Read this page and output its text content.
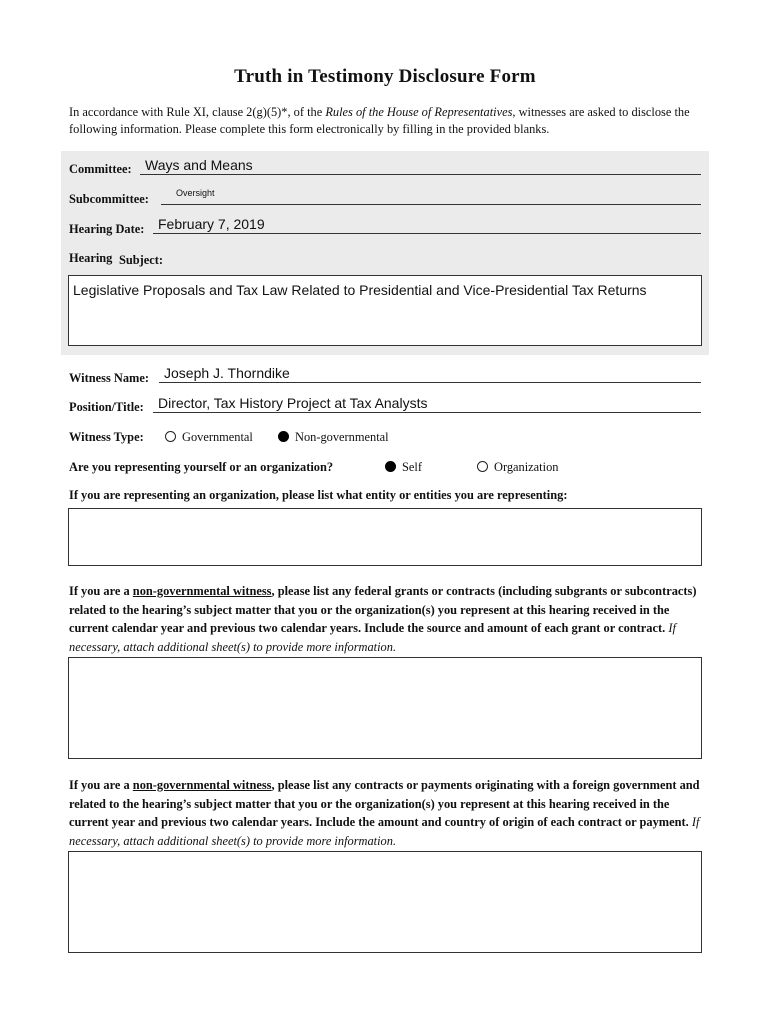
Truth in Testimony Disclosure Form
In accordance with Rule XI, clause 2(g)(5)*, of the Rules of the House of Representatives, witnesses are asked to disclose the following information. Please complete this form electronically by filling in the provided blanks.
Committee: Ways and Means
Subcommittee:	Oversight
Hearing Date: February 7, 2019
Hearing Subject:
Legislative Proposals and Tax Law Related to Presidential and Vice-Presidential Tax Returns
Witness Name: Joseph J. Thorndike
Position/Title: Director, Tax History Project at Tax Analysts
Witness Type:	Governmental	Non-governmental
Are you representing yourself or an organization?	Self	Organization
If you are representing an organization, please list what entity or entities you are representing:
If you are a non-governmental witness, please list any federal grants or contracts (including subgrants or subcontracts) related to the hearing’s subject matter that you or the organization(s) you represent at this hearing received in the current calendar year and previous two calendar years. Include the source and amount of each grant or contract. If necessary, attach additional sheet(s) to provide more information.
If you are a non-governmental witness, please list any contracts or payments originating with a foreign government and related to the hearing’s subject matter that you or the organization(s) you represent at this hearing received in the current year and previous two calendar years. Include the amount and country of origin of each contract or payment. If necessary, attach additional sheet(s) to provide more information.
